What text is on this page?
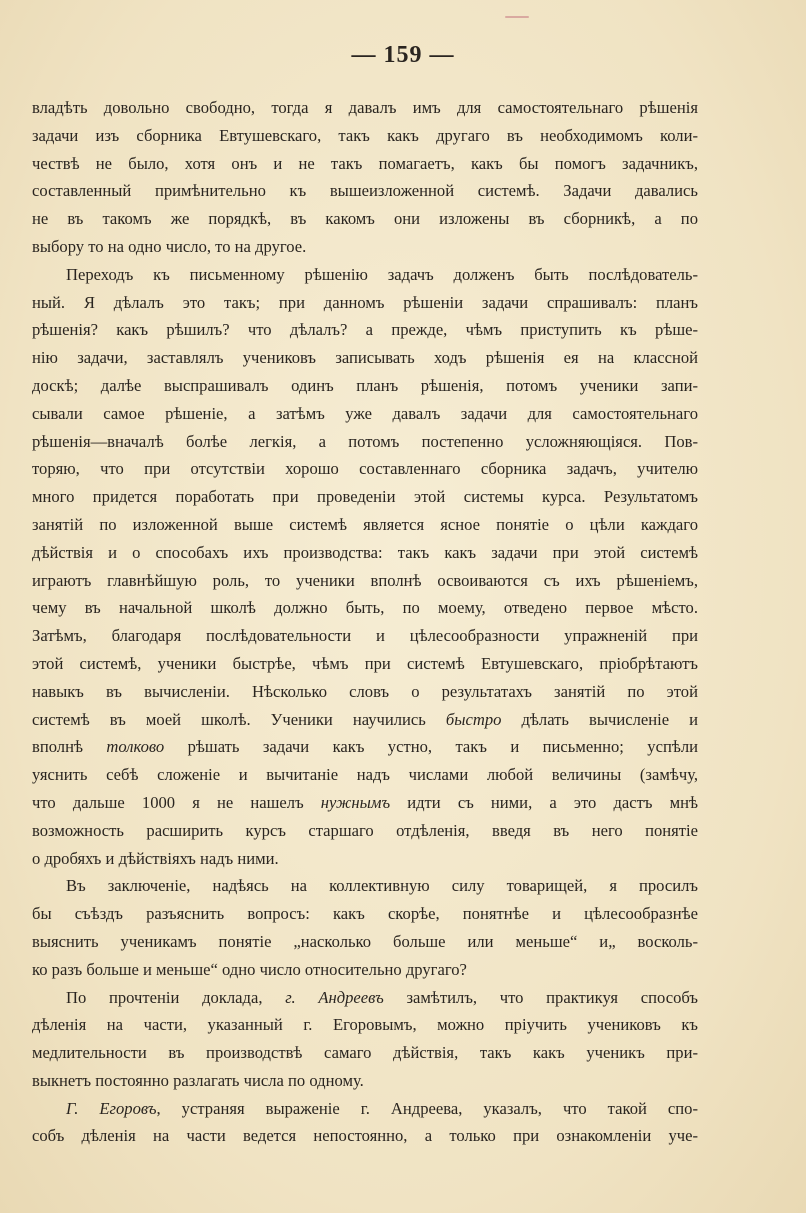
— 159 —
владѣть довольно свободно, тогда я давалъ имъ для самостоятельнаго рѣшенія
задачи изъ сборника Евтушевскаго, такъ какъ другаго въ необходимомъ коли-
чествѣ не было, хотя онъ и не такъ помагаетъ, какъ бы помогъ задачникъ,
составленный примѣнительно къ вышеизложенной системѣ. Задачи давались
не въ такомъ же порядкѣ, въ какомъ они изложены въ сборникѣ, а по
выбору то на одно число, то на другое.
Переходъ къ письменному рѣшенію задачъ долженъ быть послѣдователь-
ный. Я дѣлалъ это такъ; при данномъ рѣшеніи задачи спрашивалъ: планъ
рѣшенія? какъ рѣшилъ? что дѣлалъ? а прежде, чѣмъ приступить къ рѣше-
нію задачи, заставлялъ учениковъ записывать ходъ рѣшенія ея на классной
доскѣ; далѣе выспрашивалъ одинъ планъ рѣшенія, потомъ ученики запи-
сывали самое рѣшеніе, а затѣмъ уже давалъ задачи для самостоятельнаго
рѣшенія—вначалѣ болѣе легкія, а потомъ постепенно усложняющіяся. Пов-
торяю, что при отсутствіи хорошо составленнаго сборника задачъ, учителю
много придется поработать при проведеніи этой системы курса. Результатомъ
занятій по изложенной выше системѣ является ясное понятіе о цѣли каждаго
дѣйствія и о способахъ ихъ производства: такъ какъ задачи при этой системѣ
играютъ главнѣйшую роль, то ученики вполнѣ освоиваются съ ихъ рѣшеніемъ,
чему въ начальной школѣ должно быть, по моему, отведено первое мѣсто.
Затѣмъ, благодаря послѣдовательности и цѣлесообразности упражненій при
этой системѣ, ученики быстрѣе, чѣмъ при системѣ Евтушевскаго, пріобрѣтаютъ
навыкъ въ вычисленіи. Нѣсколько словъ о результатахъ занятій по этой
системѣ въ моей школѣ. Ученики научились быстро дѣлать вычисленіе и
вполнѣ толково рѣшать задачи какъ устно, такъ и письменно; успѣли
уяснить себѣ сложеніе и вычитаніе надъ числами любой величины (замѣчу,
что дальше 1000 я не нашелъ нужнымъ идти съ ними, а это дастъ мнѣ
возможность расширить курсъ старшаго отдѣленія, введя въ него понятіе
о дробяхъ и дѣйствіяхъ надъ ними.
Въ заключеніе, надѣясь на коллективную силу товарищей, я просилъ
бы съѣздъ разъяснить вопросъ: какъ скорѣе, понятнѣе и цѣлесообразнѣе
выяснить ученикамъ понятіе „насколько больше или меньше“ и„ восколь-
ко разъ больше и меньше“ одно число относительно другаго?
По прочтеніи доклада, г. Андреевъ замѣтилъ, что практикуя способъ
дѣленія на части, указанный г. Егоровымъ, можно пріучить учениковъ къ
медлительности въ производствѣ самаго дѣйствія, такъ какъ ученикъ при-
выкнетъ постоянно разлагать числа по одному.
Г. Егоровъ, устраняя выраженіе г. Андреева, указалъ, что такой спо-
собъ дѣленія на части ведется непостоянно, а только при ознакомленіи уче-
